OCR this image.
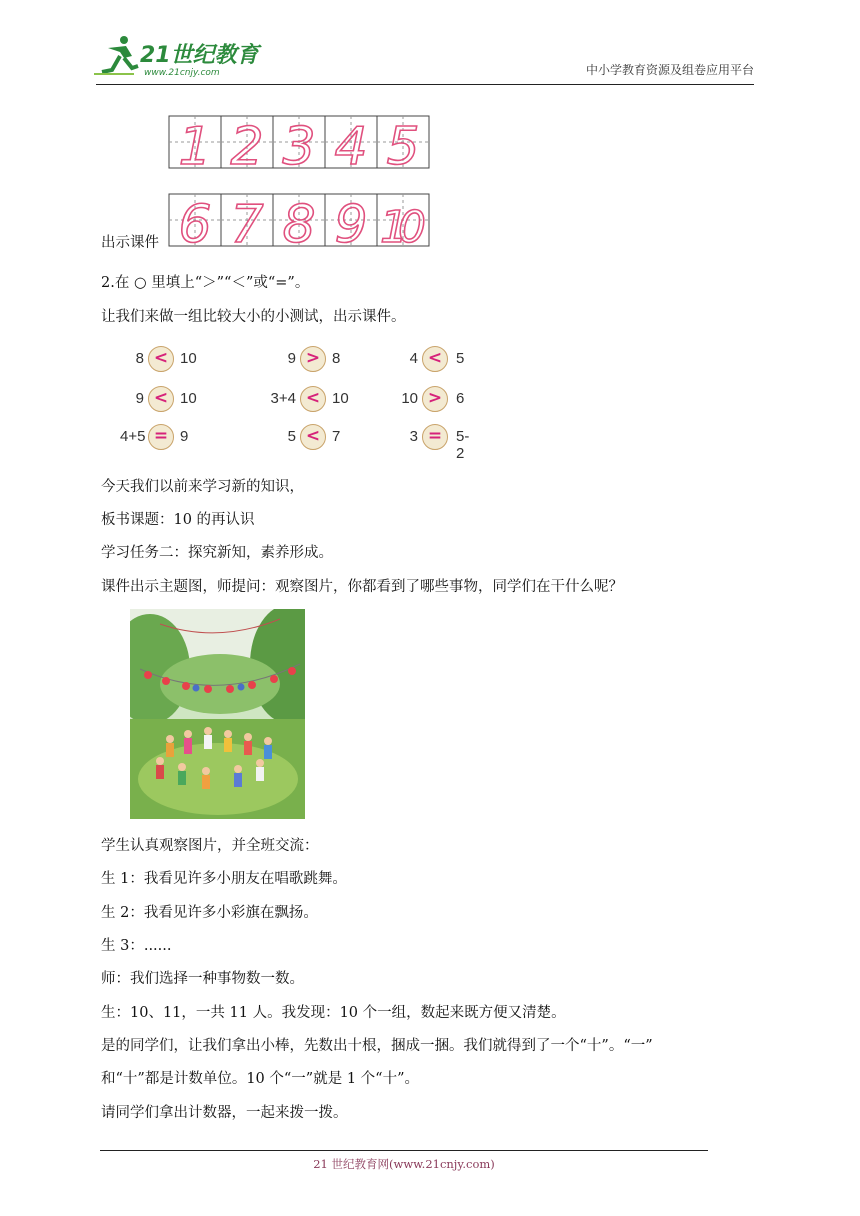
21世纪教育
www.21cnjy.com	中小学教育资源及组卷应用平台
1 2 3 4 5
6 7 8 9 10
出示课件
2.在 ○ 里填上“＞”“＜”或“=”。
让我们来做一组比较大小的小测试，出示课件。
8 < 10	9 > 8	4 < 5
9 < 10	3+4 < 10	10 > 6
4+5 = 9	5 < 7	3 = 5-2
今天我们以前来学习新的知识，
板书课题：10 的再认识
学习任务二：探究新知，素养形成。
课件出示主题图，师提问：观察图片，你都看到了哪些事物，同学们在干什么呢？
学生认真观察图片，并全班交流：
生 1：我看见许多小朋友在唱歌跳舞。
生 2：我看见许多小彩旗在飘扬。
生 3：......
师：我们选择一种事物数一数。
生：10、11，一共 11 人。我发现：10 个一组，数起来既方便又清楚。
是的同学们，让我们拿出小棒，先数出十根，捆成一捆。我们就得到了一个“十”。“一”
和“十”都是计数单位。10 个“一”就是 1 个“十”。
请同学们拿出计数器，一起来拨一拨。
21 世纪教育网(www.21cnjy.com)
